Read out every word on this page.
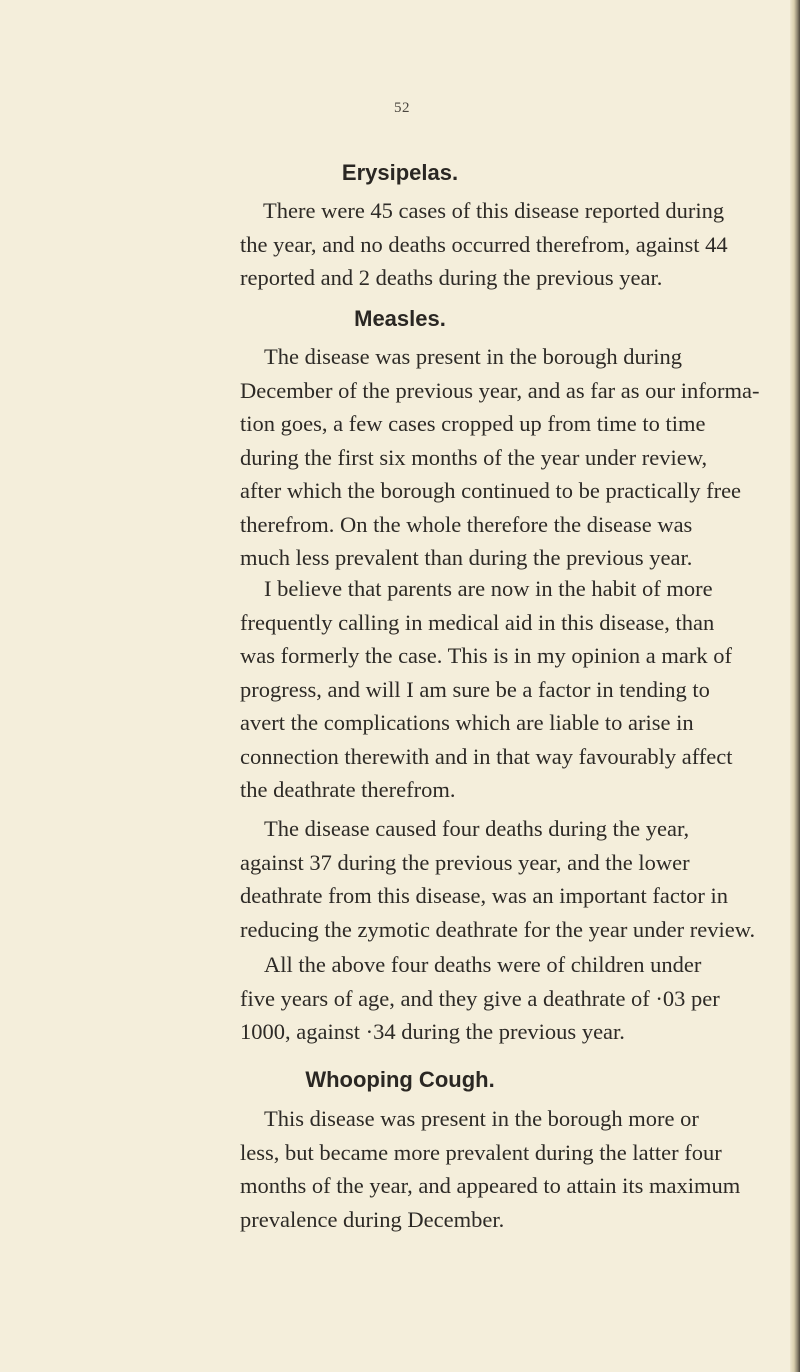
52
Erysipelas.

There were 45 cases of this disease reported during
the year, and no deaths occurred therefrom, against 44
reported and 2 deaths during the previous year.

Measles.

The disease was present in the borough during
December of the previous year, and as far as our informa-
tion goes, a few cases cropped up from time to time
during the first six months of the year under review,
after which the borough continued to be practically free
therefrom. On the whole therefore the disease was
much less prevalent than during the previous year.

I believe that parents are now in the habit of more
frequently calling in medical aid in this disease, than
was formerly the case. This is in my opinion a mark of
progress, and will I am sure be a factor in tending to
avert the complications which are liable to arise in
connection therewith and in that way favourably affect
the deathrate therefrom.

The disease caused four deaths during the year,
against 37 during the previous year, and the lower
deathrate from this disease, was an important factor in
reducing the zymotic deathrate for the year under review.

All the above four deaths were of children under
five years of age, and they give a deathrate of ·03 per
1000, against ·34 during the previous year.

Whooping Cough.

This disease was present in the borough more or
less, but became more prevalent during the latter four
months of the year, and appeared to attain its maximum
prevalence during December.
